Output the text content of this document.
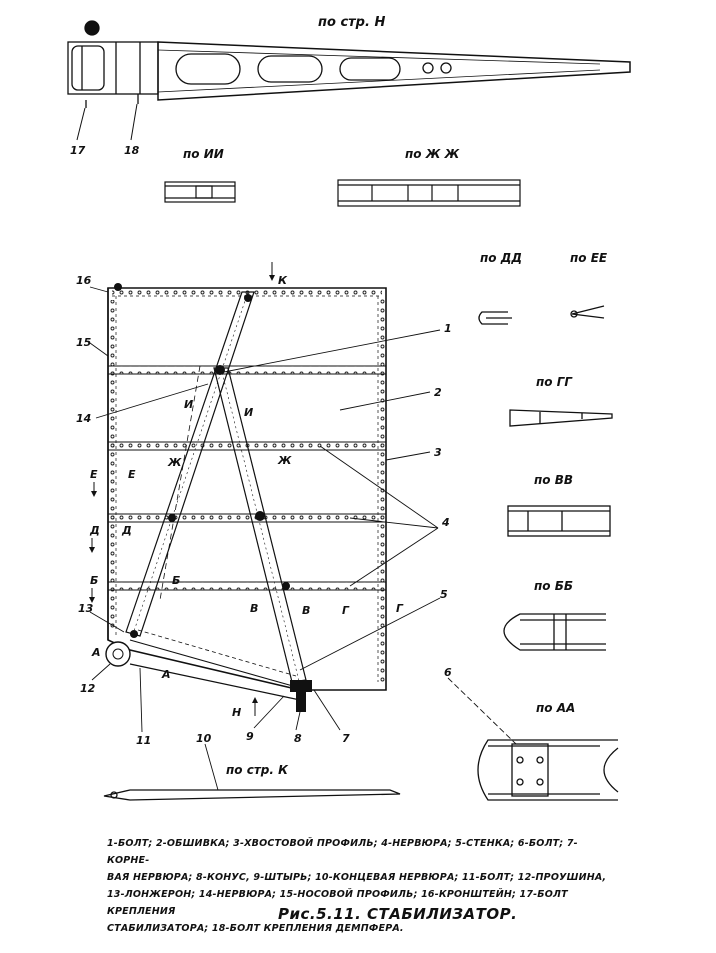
по стр. Н
по ИИ	по Ж Ж
по ДД	по ЕЕ
по ГГ
по ВВ
по ББ
по АА
по стр. К
1
2
3
4
5
6
7
8
9
10
11
12
13
14
15
16
17	18
К
И
И
Ж	Ж
Е	Е
Д Д
Б	Б
В	В	Г	Г
А
А
Н
1-БОЛТ; 2-ОБШИВКА; 3-ХВОСТОВОЙ ПРОФИЛЬ; 4-НЕРВЮРА; 5-СТЕНКА; 6-БОЛТ; 7-КОРНЕ-
ВАЯ НЕРВЮРА; 8-КОНУС, 9-ШТЫРЬ; 10-КОНЦЕВАЯ НЕРВЮРА; 11-БОЛТ; 12-ПРОУШИНА,
13-ЛОНЖЕРОН; 14-НЕРВЮРА; 15-НОСОВОЙ ПРОФИЛЬ; 16-КРОНШТЕЙН; 17-БОЛТ КРЕПЛЕНИЯ
СТАБИЛИЗАТОРА; 18-БОЛТ КРЕПЛЕНИЯ ДЕМПФЕРА.
Рис.5.11. СТАБИЛИЗАТОР.
